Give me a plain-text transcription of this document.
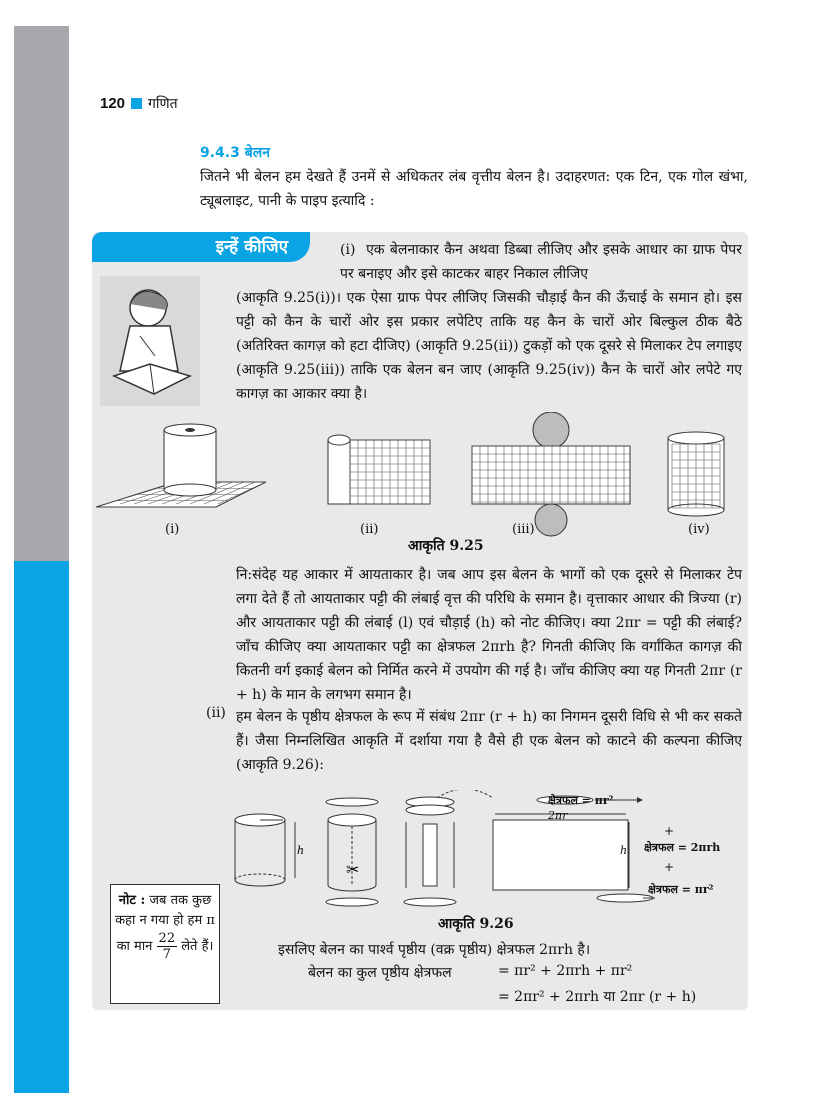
120 गणित
9.4.3 बेलन
जितने भी बेलन हम देखते हैं उनमें से अधिकतर लंब वृत्तीय बेलन है। उदाहरणत: एक टिन, एक गोल खंभा, ट्यूबलाइट, पानी के पाइप इत्यादि :
इन्हें कीजिए	(i) एक बेलनाकार कैन अथवा डिब्बा लीजिए और इसके आधार का ग्राफ पेपर पर बनाइए और इसे काटकर बाहर निकाल लीजिए
(आकृति 9.25(i))। एक ऐसा ग्राफ पेपर लीजिए जिसकी चौड़ाई कैन की ऊँचाई के समान हो। इस पट्टी को कैन के चारों ओर इस प्रकार लपेटिए ताकि यह कैन के चारों ओर बिल्कुल ठीक बैठे (अतिरिक्त कागज़ को हटा दीजिए) (आकृति 9.25(ii)) टुकड़ों को एक दूसरे से मिलाकर टेप लगाइए (आकृति 9.25(iii)) ताकि एक बेलन बन जाए (आकृति 9.25(iv)) कैन के चारों ओर लपेटे गए कागज़ का आकार क्या है।
(i)	(ii)	(iii)	(iv)
आकृति 9.25
नि:संदेह यह आकार में आयताकार है। जब आप इस बेलन के भागों को एक दूसरे से मिलाकर टेप लगा देते हैं तो आयताकार पट्टी की लंबाई वृत्त की परिधि के समान है। वृत्ताकार आधार की त्रिज्या (r) और आयताकार पट्टी की लंबाई (l) एवं चौड़ाई (h) को नोट कीजिए। क्या 2πr = पट्टी की लंबाई? जाँच कीजिए क्या आयताकार पट्टी का क्षेत्रफल 2πrh है? गिनती कीजिए कि वर्गांकित कागज़ की कितनी वर्ग इकाई बेलन को निर्मित करने में उपयोग की गई है। जाँच कीजिए क्या यह गिनती 2πr (r + h) के मान के लगभग समान है।
(ii) हम बेलन के पृष्ठीय क्षेत्रफल के रूप में संबंध 2πr (r + h) का निगमन दूसरी विधि से भी कर सकते हैं। जैसा निम्नलिखित आकृति में दर्शाया गया है वैसे ही एक बेलन को काटने की कल्पना कीजिए (आकृति 9.26):
h
✂
क्षेत्रफल = πr²
+
क्षेत्रफल = 2πrh
+
क्षेत्रफल = πr²
2πr
h
आकृति 9.26
नोट : जब तक कुछ कहा न गया हो हम π का मान $\frac{22}{7}$ लेते हैं।	इसलिए बेलन का पार्श्व पृष्ठीय (वक्र पृष्ठीय) क्षेत्रफल 2πrh है।
बेलन का कुल पृष्ठीय क्षेत्रफल	= πr² + 2πrh + πr²
= 2πr² + 2πrh या 2πr (r + h)
